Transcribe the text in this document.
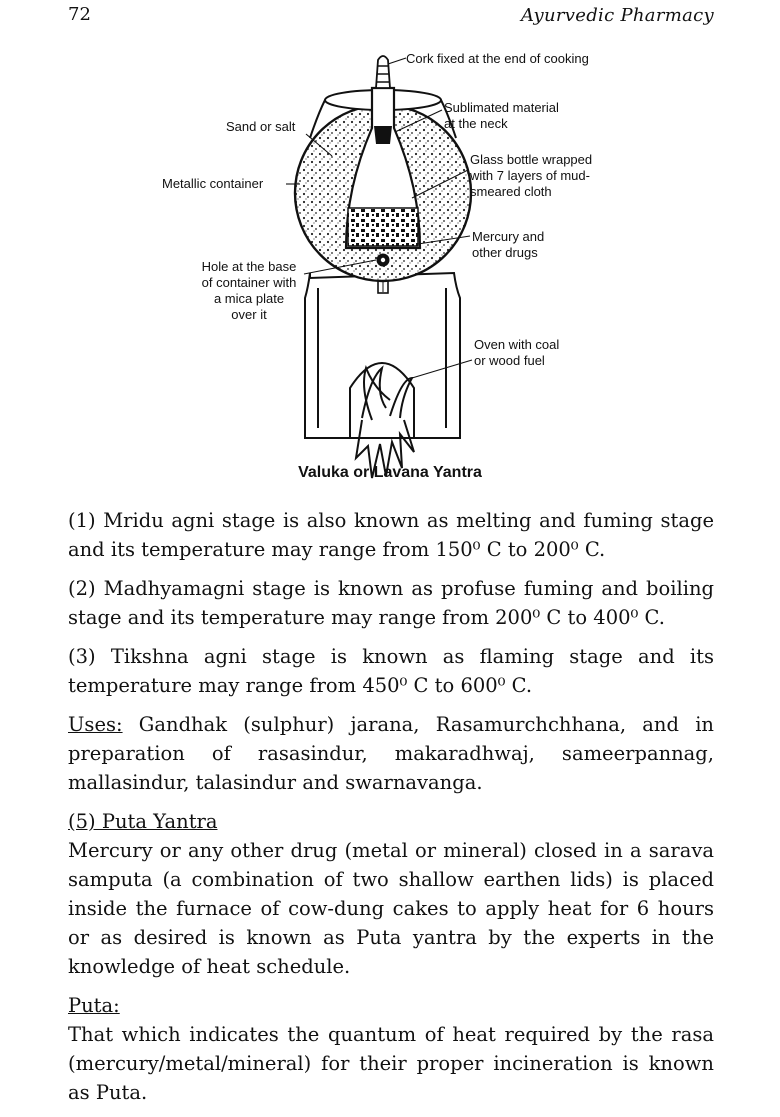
72	Ayurvedic Pharmacy
Cork fixed at the end of cooking
Sublimated material
at the neck
Sand or salt
Glass bottle wrapped
with 7 layers of mud-
smeared cloth
Metallic container
Mercury and
other drugs
Hole at the base
of container with
a mica plate
over it
Oven with coal
or wood fuel
Valuka or Lavana Yantra

(1) Mridu agni stage is also known as melting and fuming stage and its temperature may range from 150⁰ C to 200⁰ C.

(2) Madhyamagni stage is known as profuse fuming and boiling stage and its temperature may range from 200⁰ C to 400⁰ C.

(3) Tikshna agni stage is known as flaming stage and its temperature may range from 450⁰ C to 600⁰ C.

Uses: Gandhak (sulphur) jarana, Rasamurchchhana, and in preparation of rasasindur, makaradhwaj, sameerpannag, mallasindur, talasindur and swarnavanga.

(5) Puta Yantra

Mercury or any other drug (metal or mineral) closed in a sarava samputa (a combination of two shallow earthen lids) is placed inside the furnace of cow-dung cakes to apply heat for 6 hours or as desired is known as Puta yantra by the experts in the knowledge of heat schedule.

Puta:

That which indicates the quantum of heat required by the rasa (mercury/metal/mineral) for their proper incineration is known as Puta.
